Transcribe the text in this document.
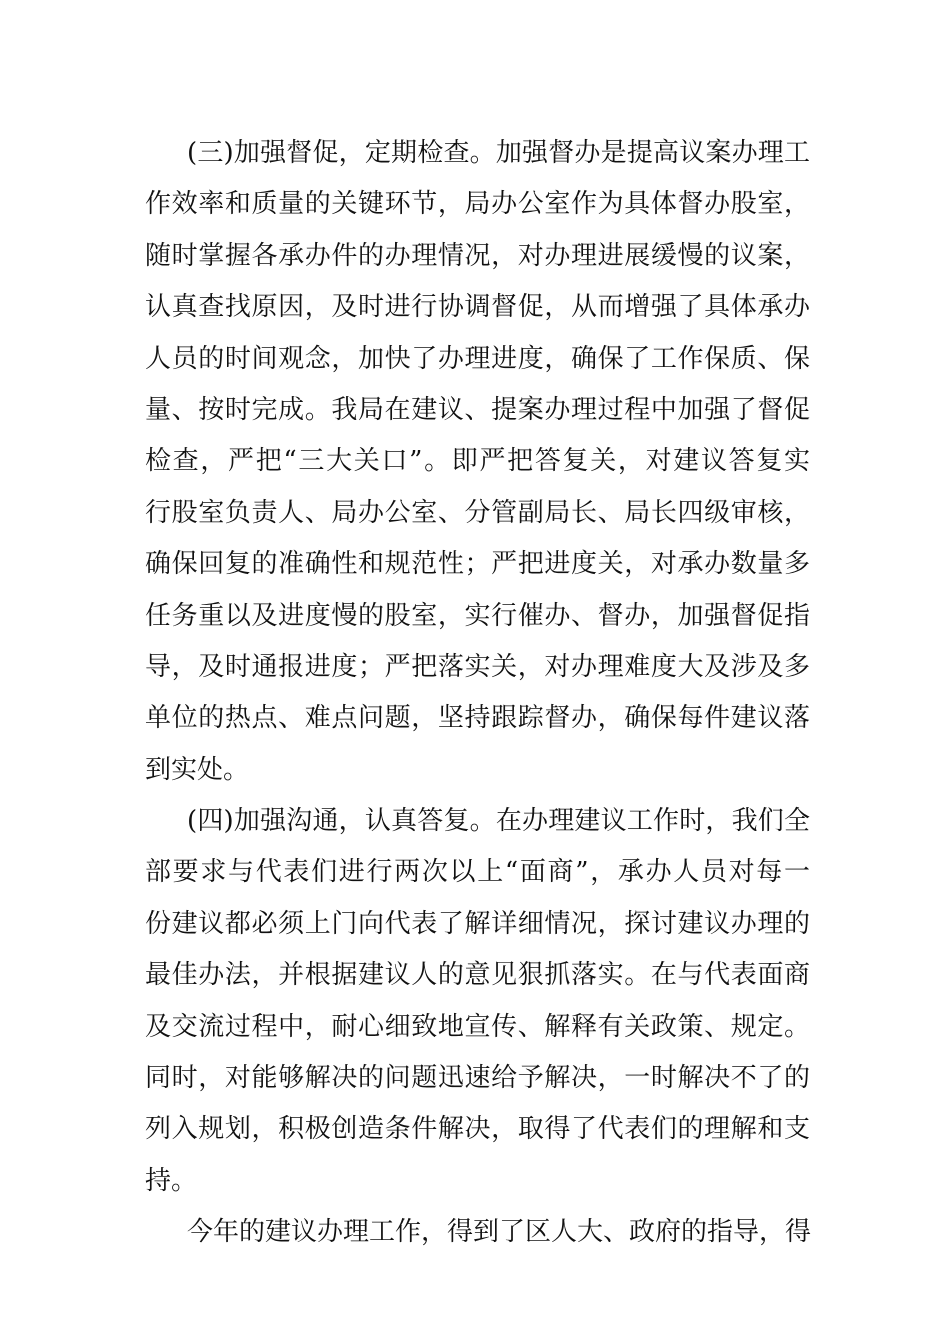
(三)加强督促，定期检查。加强督办是提高议案办理工
作效率和质量的关键环节，局办公室作为具体督办股室，
随时掌握各承办件的办理情况，对办理进展缓慢的议案，
认真查找原因，及时进行协调督促，从而增强了具体承办
人员的时间观念，加快了办理进度，确保了工作保质、保
量、按时完成。我局在建议、提案办理过程中加强了督促
检查，严把“三大关口”。即严把答复关，对建议答复实
行股室负责人、局办公室、分管副局长、局长四级审核，
确保回复的准确性和规范性；严把进度关，对承办数量多
任务重以及进度慢的股室，实行催办、督办，加强督促指
导，及时通报进度；严把落实关，对办理难度大及涉及多
单位的热点、难点问题，坚持跟踪督办，确保每件建议落
到实处。
(四)加强沟通，认真答复。在办理建议工作时，我们全
部要求与代表们进行两次以上“面商”，承办人员对每一
份建议都必须上门向代表了解详细情况，探讨建议办理的
最佳办法，并根据建议人的意见狠抓落实。在与代表面商
及交流过程中，耐心细致地宣传、解释有关政策、规定。
同时，对能够解决的问题迅速给予解决，一时解决不了的
列入规划，积极创造条件解决，取得了代表们的理解和支
持。
今年的建议办理工作，得到了区人大、政府的指导，得
